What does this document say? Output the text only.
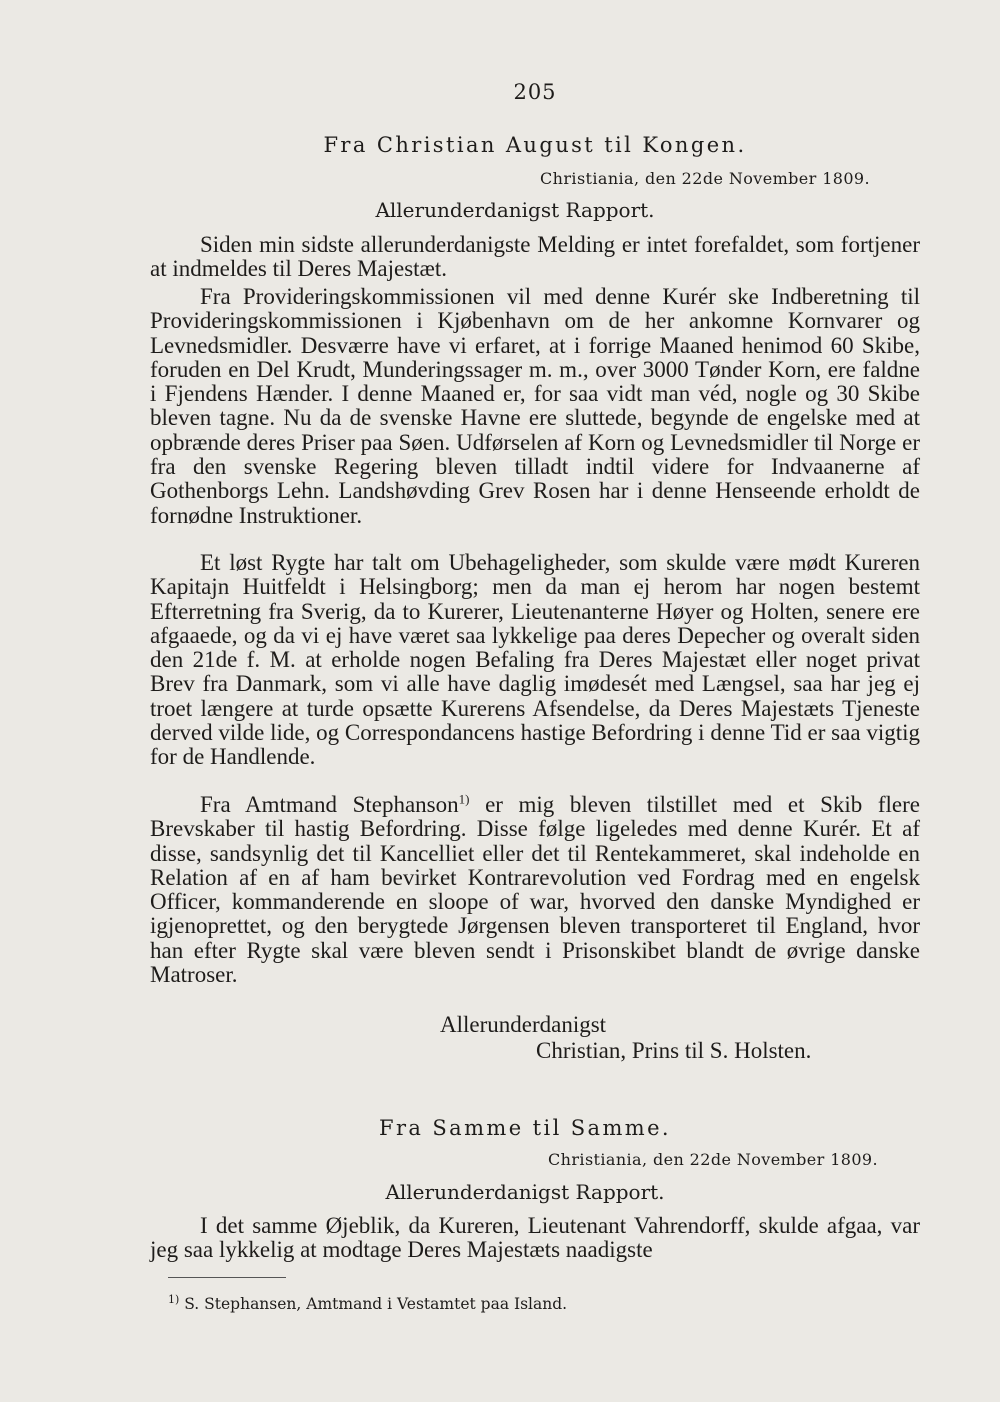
205
Fra Christian August til Kongen.
Christiania, den 22de November 1809.
Allerunderdanigst Rapport.

Siden min sidste allerunderdanigste Melding er intet forefaldet, som fortjener at indmeldes til Deres Majestæt.

Fra Provideringskommissionen vil med denne Kurér ske Indberetning til Provideringskommissionen i Kjøbenhavn om de her ankomne Kornvarer og Levnedsmidler. Desværre have vi erfaret, at i forrige Maaned henimod 60 Skibe, foruden en Del Krudt, Munderingssager m. m., over 3000 Tønder Korn, ere faldne i Fjendens Hænder. I denne Maaned er, for saa vidt man véd, nogle og 30 Skibe bleven tagne. Nu da de svenske Havne ere sluttede, begynde de engelske med at opbrænde deres Priser paa Søen. Udførselen af Korn og Levnedsmidler til Norge er fra den svenske Regering bleven tilladt indtil videre for Indvaanerne af Gothenborgs Lehn. Landshøvding Grev Rosen har i denne Henseende erholdt de fornødne Instruktioner.

Et løst Rygte har talt om Ubehageligheder, som skulde være mødt Kureren Kapitajn Huitfeldt i Helsingborg; men da man ej herom har nogen bestemt Efterretning fra Sverig, da to Kurerer, Lieutenanterne Høyer og Holten, senere ere afgaaede, og da vi ej have været saa lykkelige paa deres Depecher og overalt siden den 21de f. M. at erholde nogen Befaling fra Deres Majestæt eller noget privat Brev fra Danmark, som vi alle have daglig imødesét med Længsel, saa har jeg ej troet længere at turde opsætte Kurerens Afsendelse, da Deres Majestæts Tjeneste derved vilde lide, og Correspondancens hastige Befordring i denne Tid er saa vigtig for de Handlende.

Fra Amtmand Stephanson$^{1)}$ er mig bleven tilstillet med et Skib flere Brevskaber til hastig Befordring. Disse følge ligeledes med denne Kurér. Et af disse, sandsynlig det til Kancelliet eller det til Rentekammeret, skal indeholde en Relation af en af ham bevirket Kontrarevolution ved Fordrag med en engelsk Officer, kommanderende en sloope of war, hvorved den danske Myndighed er igjenoprettet, og den berygtede Jørgensen bleven transporteret til England, hvor han efter Rygte skal være bleven sendt i Prisonskibet blandt de øvrige danske Matroser.

Allerunderdanigst
Christian, Prins til S. Holsten.
Fra Samme til Samme.
Christiania, den 22de November 1809.
Allerunderdanigst Rapport.

I det samme Øjeblik, da Kureren, Lieutenant Vahrendorff, skulde afgaa, var jeg saa lykkelig at modtage Deres Majestæts naadigste

$^{1)}$ S. Stephansen, Amtmand i Vestamtet paa Island.
